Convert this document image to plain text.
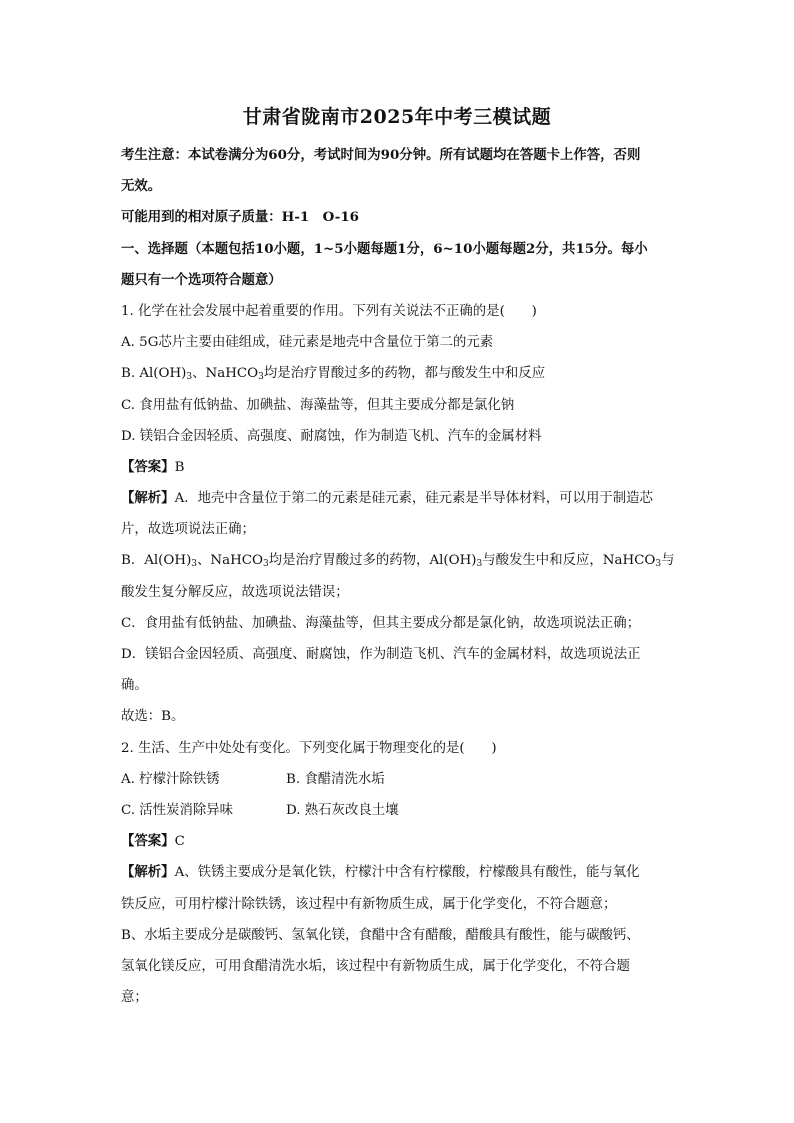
甘肃省陇南市2025年中考三模试题
考生注意：本试卷满分为60分，考试时间为90分钟。所有试题均在答题卡上作答，否则
无效。
可能用到的相对原子质量：H-1　O-16
一、选择题（本题包括10小题，1~5小题每题1分，6~10小题每题2分，共15分。每小
题只有一个选项符合题意）
1. 化学在社会发展中起着重要的作用。下列有关说法不正确的是(　　)
A. 5G芯片主要由硅组成，硅元素是地壳中含量位于第二的元素
B. $Al(OH)_3$、NaHCO$_3$均是治疗胃酸过多的药物，都与酸发生中和反应
C. 食用盐有低钠盐、加碘盐、海藻盐等，但其主要成分都是氯化钠
D. 镁铝合金因轻质、高强度、耐腐蚀，作为制造飞机、汽车的金属材料
【答案】B
【解析】A．地壳中含量位于第二的元素是硅元素，硅元素是半导体材料，可以用于制造芯
片，故选项说法正确；
B．$Al(OH)_3$、NaHCO$_3$均是治疗胃酸过多的药物，$Al(OH)_3$与酸发生中和反应，NaHCO$_3$与
酸发生复分解反应，故选项说法错误；
C．食用盐有低钠盐、加碘盐、海藻盐等，但其主要成分都是氯化钠，故选项说法正确；
D．镁铝合金因轻质、高强度、耐腐蚀，作为制造飞机、汽车的金属材料，故选项说法正
确。
故选：B。
2. 生活、生产中处处有变化。下列变化属于物理变化的是(　　)
A. 柠檬汁除铁锈	B. 食醋清洗水垢
C. 活性炭消除异味	D. 熟石灰改良土壤
【答案】C
【解析】A、铁锈主要成分是氧化铁，柠檬汁中含有柠檬酸，柠檬酸具有酸性，能与氧化
铁反应，可用柠檬汁除铁锈，该过程中有新物质生成，属于化学变化，不符合题意；
B、水垢主要成分是碳酸钙、氢氧化镁，食醋中含有醋酸，醋酸具有酸性，能与碳酸钙、
氢氧化镁反应，可用食醋清洗水垢，该过程中有新物质生成，属于化学变化，不符合题
意；
